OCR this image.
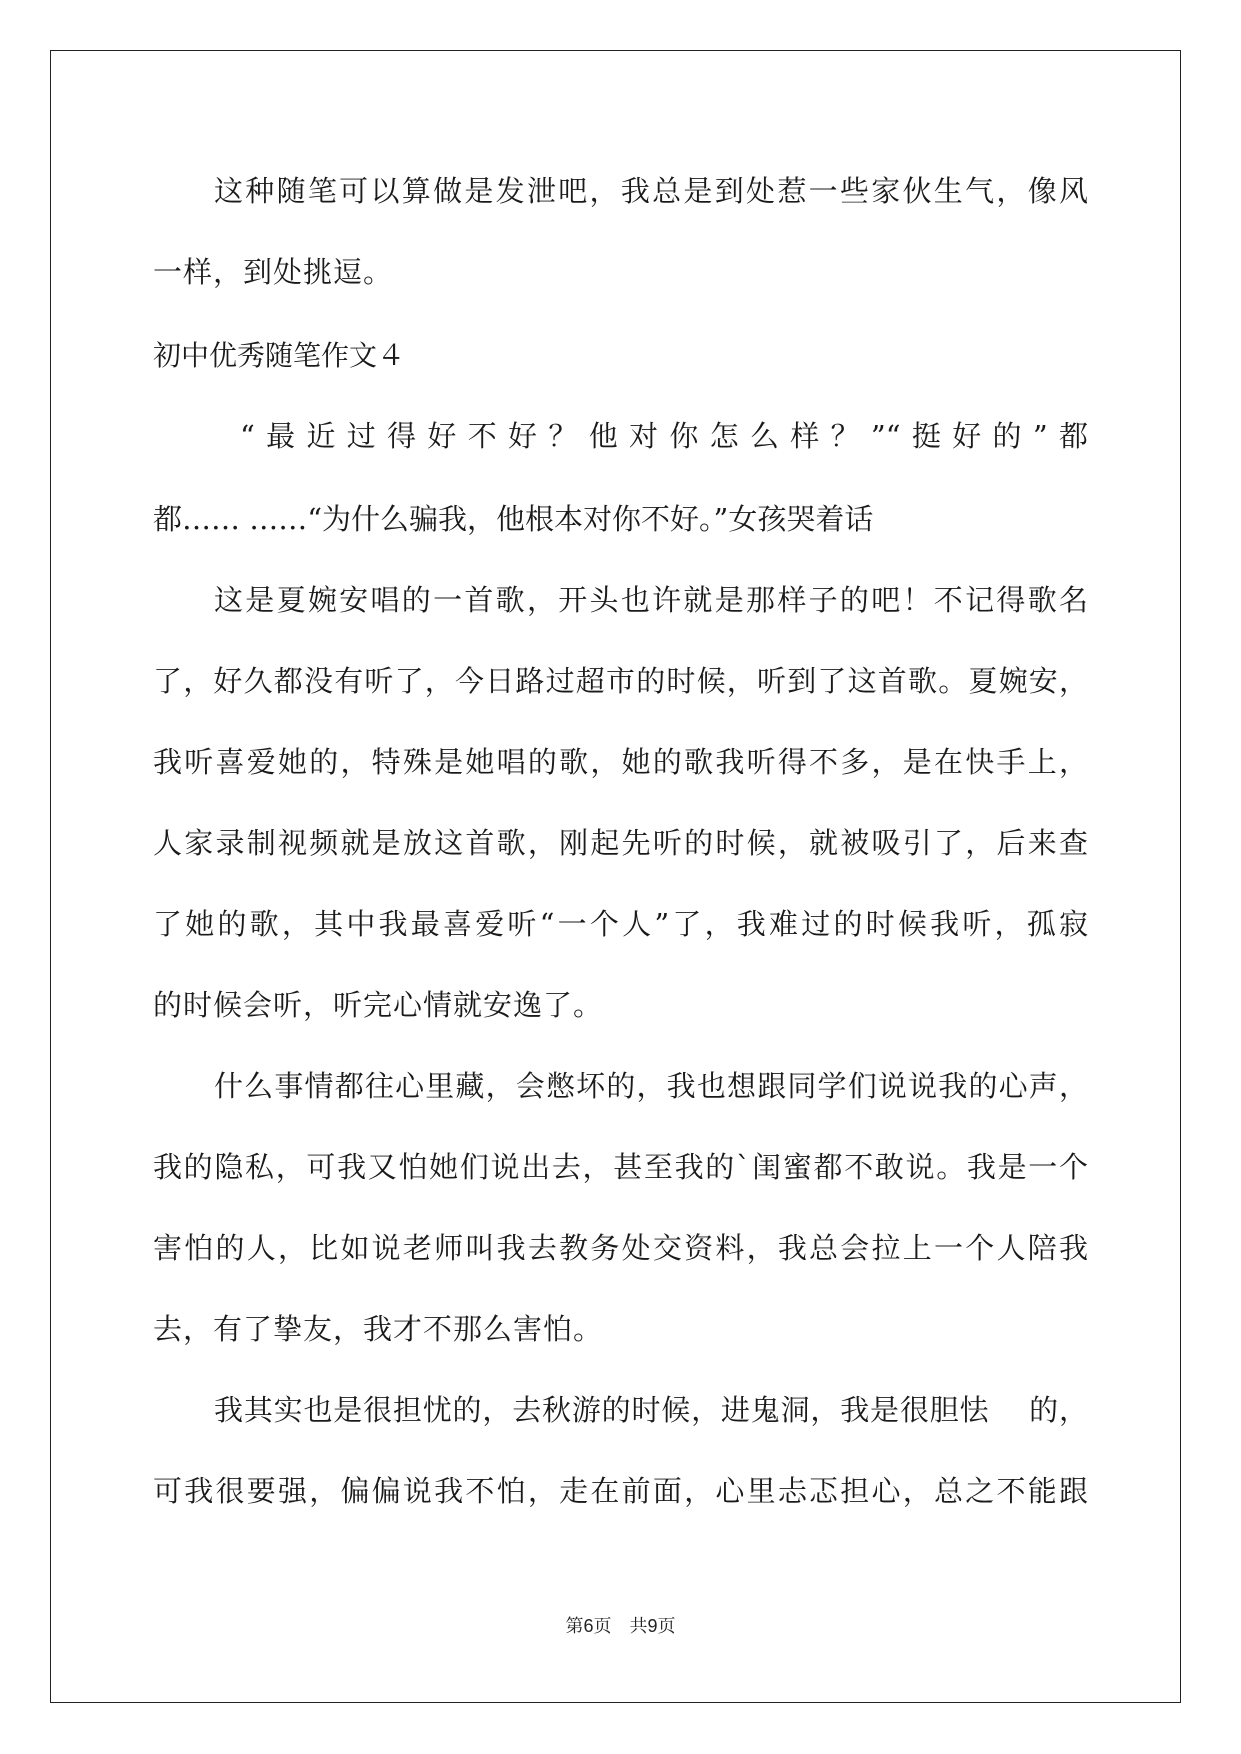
这种随笔可以算做是发泄吧，我总是到处惹一些家伙生气，像风
一样，到处挑逗。
初中优秀随笔作文４
“最近过得好不好？他对你怎么样？”“挺好的”都
都…… ……“为什么骗我，他根本对你不好。”女孩哭着话
这是夏婉安唱的一首歌，开头也许就是那样子的吧！不记得歌名
了，好久都没有听了，今日路过超市的时候，听到了这首歌。夏婉安，
我听喜爱她的，特殊是她唱的歌，她的歌我听得不多，是在快手上，
人家录制视频就是放这首歌，刚起先听的时候，就被吸引了，后来查
了她的歌，其中我最喜爱听“一个人”了，我难过的时候我听，孤寂
的时候会听，听完心情就安逸了。
什么事情都往心里藏，会憋坏的，我也想跟同学们说说我的心声，
我的隐私，可我又怕她们说出去，甚至我的`闺蜜都不敢说。我是一个
害怕的人，比如说老师叫我去教务处交资料，我总会拉上一个人陪我
去，有了挚友，我才不那么害怕。
我其实也是很担忧的，去秋游的时候，进鬼洞，我是很胆怯　 的，
可我很要强，偏偏说我不怕，走在前面，心里忐忑担心，总之不能跟
第6页　共9页
